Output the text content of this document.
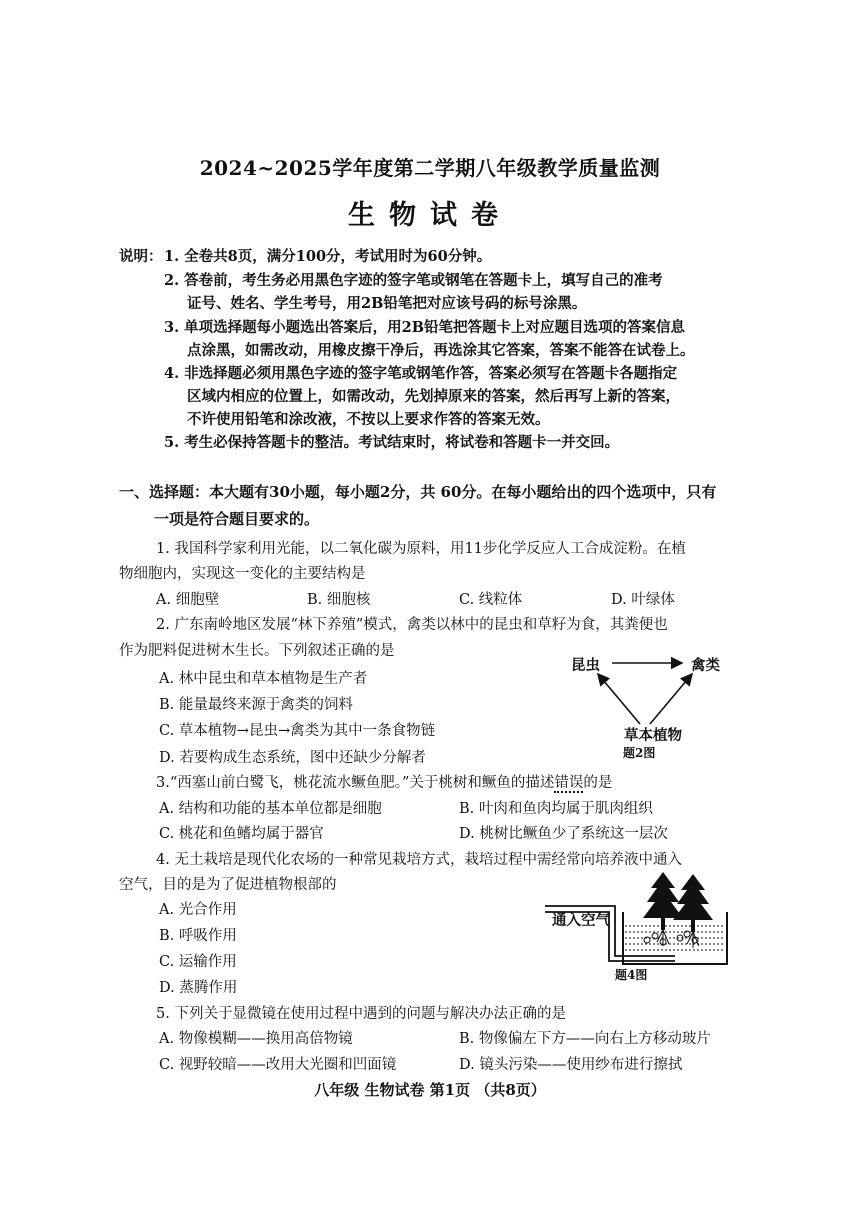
2024~2025学年度第二学期八年级教学质量监测
生物试卷
说明： 1. 全卷共8页，满分100分，考试用时为60分钟。
2. 答卷前，考生务必用黑色字迹的签字笔或钢笔在答题卡上，填写自己的准考
证号、姓名、学生考号，用2B铅笔把对应该号码的标号涂黑。
3. 单项选择题每小题选出答案后，用2B铅笔把答题卡上对应题目选项的答案信息
点涂黑，如需改动，用橡皮擦干净后，再选涂其它答案，答案不能答在试卷上。
4. 非选择题必须用黑色字迹的签字笔或钢笔作答，答案必须写在答题卡各题指定
区域内相应的位置上，如需改动，先划掉原来的答案，然后再写上新的答案，
不许使用铅笔和涂改液，不按以上要求作答的答案无效。
5. 考生必保持答题卡的整洁。考试结束时，将试卷和答题卡一并交回。
一、选择题：本大题有30小题，每小题2分，共 60分。在每小题给出的四个选项中，只有
一项是符合题目要求的。
1. 我国科学家利用光能，以二氧化碳为原料，用11步化学反应人工合成淀粉。在植
物细胞内，实现这一变化的主要结构是
A. 细胞壁	B. 细胞核	C. 线粒体	D. 叶绿体
2. 广东南岭地区发展“林下养殖”模式，禽类以林中的昆虫和草籽为食，其粪便也
作为肥料促进树木生长。下列叙述正确的是
A. 林中昆虫和草本植物是生产者
B. 能量最终来源于禽类的饲料
C. 草本植物→昆虫→禽类为其中一条食物链
D. 若要构成生态系统，图中还缺少分解者
昆虫	禽类
草本植物
题2图
3.“西塞山前白鹭飞，桃花流水鳜鱼肥。”关于桃树和鳜鱼的描述错误的是
A. 结构和功能的基本单位都是细胞	B. 叶肉和鱼肉均属于肌肉组织
C. 桃花和鱼鳍均属于器官	D. 桃树比鳜鱼少了系统这一层次
4. 无土栽培是现代化农场的一种常见栽培方式，栽培过程中需经常向培养液中通入
空气，目的是为了促进植物根部的
A. 光合作用
B. 呼吸作用
C. 运输作用
D. 蒸腾作用
通入空气
题4图
5. 下列关于显微镜在使用过程中遇到的问题与解决办法正确的是
A. 物像模糊——换用高倍物镜	B. 物像偏左下方——向右上方移动玻片
C. 视野较暗——改用大光圈和凹面镜	D. 镜头污染——使用纱布进行擦拭
八年级 生物试卷 第1页 （共8页）
